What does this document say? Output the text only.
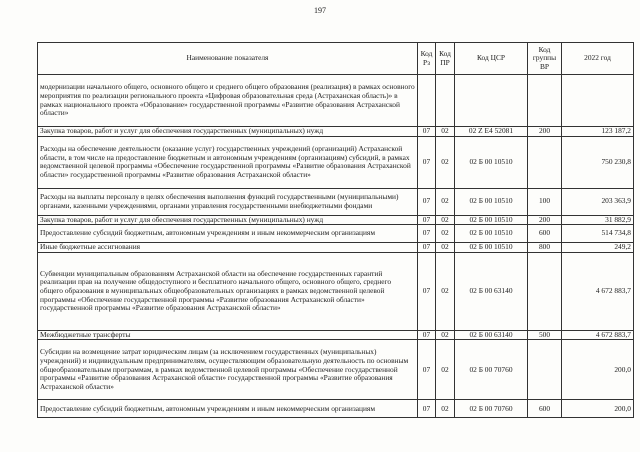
197
Наименование показателя	Код Рз	Код ПР	Код ЦСР	Код группы ВР	2022 год
модернизации начального общего, основного общего и среднего общего образования (реализация) в рамках основного мероприятия по реализации регионального проекта «Цифровая образовательная среда (Астраханская область)» в рамках национального проекта «Образование» государственной программы «Развитие образования Астраханской области»					
Закупка товаров, работ и услуг для обеспечения государственных (муниципальных) нужд	07	02	02 Z E4 52081	200	123 187,2
Расходы на обеспечение деятельности (оказание услуг) государственных учреждений (организаций) Астраханской области, в том числе на предоставление бюджетным и автономным учреждениям (организациям) субсидий, в рамках ведомственной целевой программы «Обеспечение государственной программы «Развитие образования Астраханской области» государственной программы «Развитие образования Астраханской области»	07	02	02 Б 00 10510		750 230,8
Расходы на выплаты персоналу в целях обеспечения выполнения функций государственными (муниципальными) органами, казенными учреждениями, органами управления государственными внебюджетными фондами	07	02	02 Б 00 10510	100	203 363,9
Закупка товаров, работ и услуг для обеспечения государственных (муниципальных) нужд	07	02	02 Б 00 10510	200	31 882,9
Предоставление субсидий бюджетным, автономным учреждениям и иным некоммерческим организациям	07	02	02 Б 00 10510	600	514 734,8
Иные бюджетные ассигнования	07	02	02 Б 00 10510	800	249,2
Субвенции муниципальным образованиям Астраханской области на обеспечение государственных гарантий реализации прав на получение общедоступного и бесплатного начального общего, основного общего, среднего общего образования в муниципальных общеобразовательных организациях в рамках ведомственной целевой программы «Обеспечение государственной программы «Развитие образования Астраханской области» государственной программы «Развитие образования Астраханской области»	07	02	02 Б 00 63140		4 672 883,7
Межбюджетные трансферты	07	02	02 Б 00 63140	500	4 672 883,7
Субсидии на возмещение затрат юридическим лицам (за исключением государственных (муниципальных) учреждений) и индивидуальным предпринимателям, осуществляющим образовательную деятельность по основным общеобразовательным программам, в рамках ведомственной целевой программы «Обеспечение государственной программы «Развитие образования Астраханской области» государственной программы «Развитие образования Астраханской области»	07	02	02 Б 00 70760		200,0
Предоставление субсидий бюджетным, автономным учреждениям и иным некоммерческим организациям	07	02	02 Б 00 70760	600	200,0
